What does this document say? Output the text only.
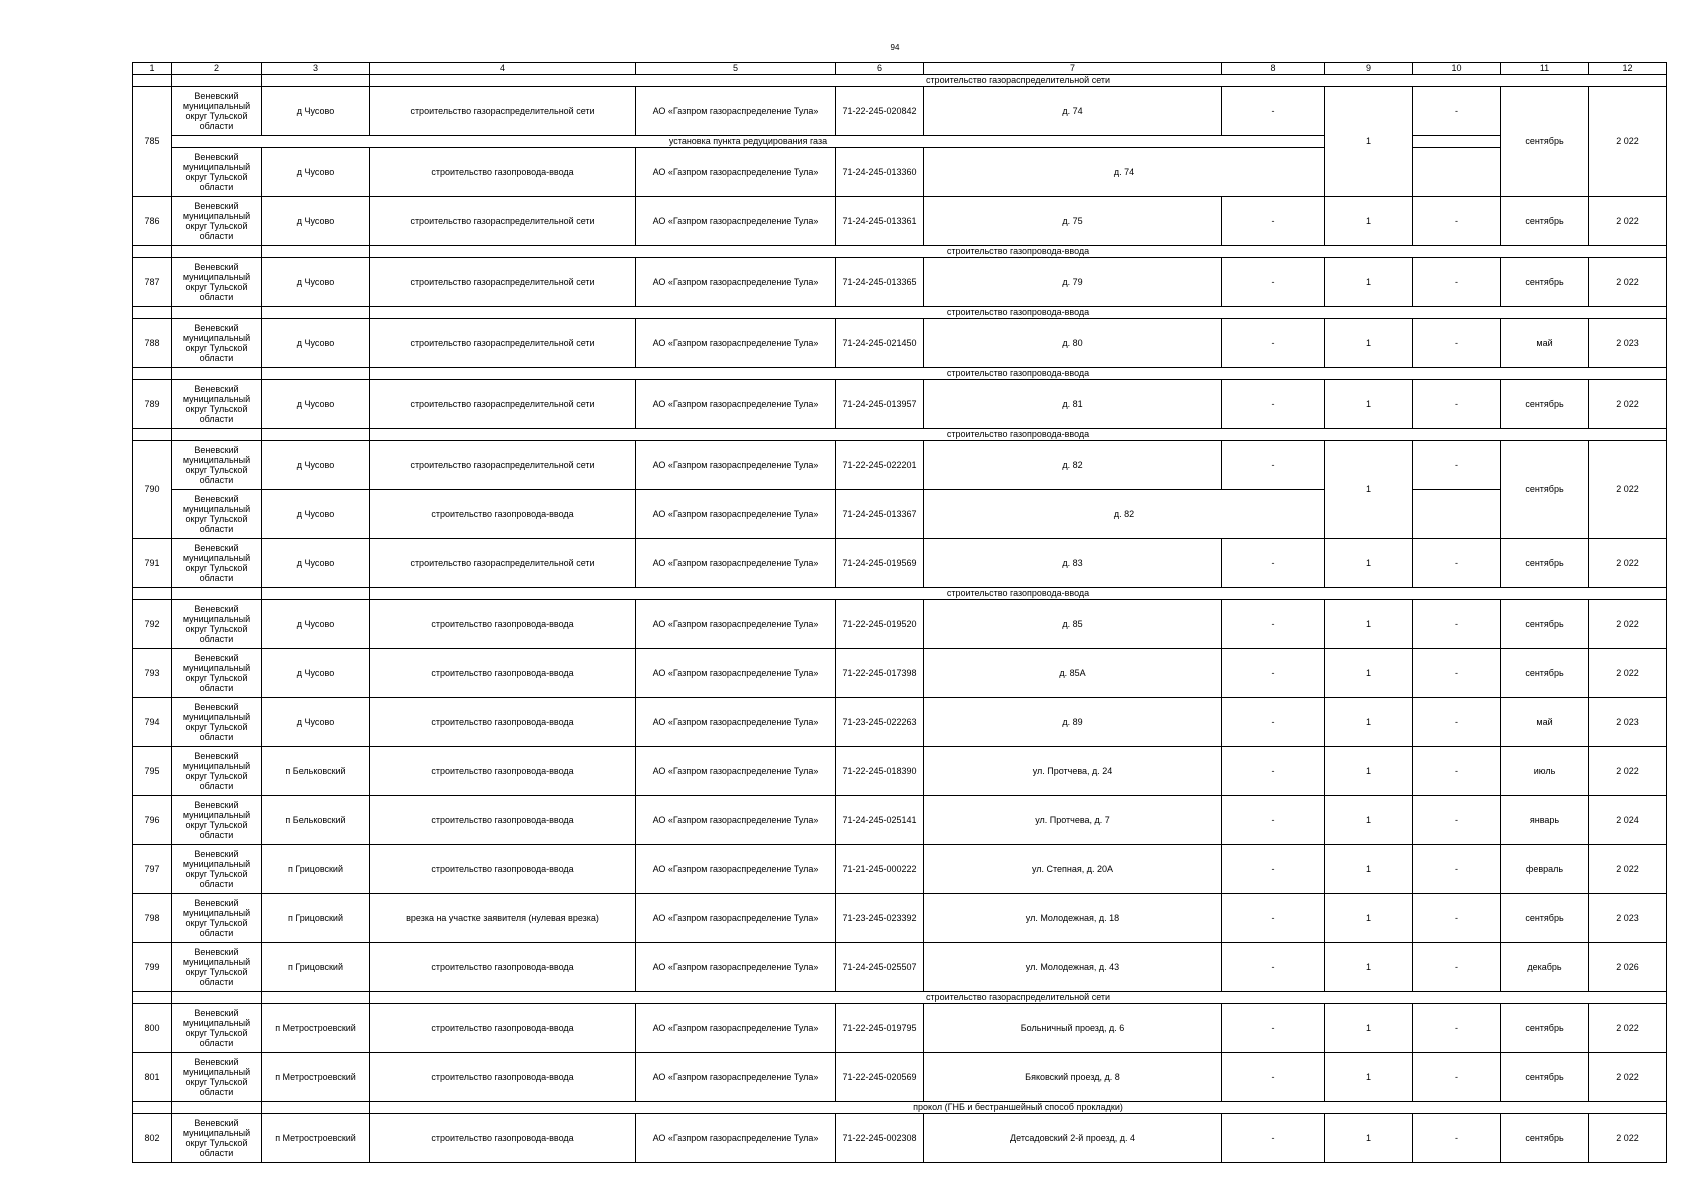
94
1	2	3	4	5	6	7	8	9	10	11	12
			строительство газораспределительной сети								
785	Веневский муниципальный округ Тульской области	д Чусово	строительство газораспределительной сети	АО «Газпром газораспределение Тула»	71-22-245-020842	д. 74	-	1	-	сентябрь	2 022
	установка пункта редуцирования газа										
	Веневский муниципальный округ Тульской области	д Чусово	строительство газопровода-ввода	АО «Газпром газораспределение Тула»	71-24-245-013360	д. 74					
786	Веневский муниципальный округ Тульской области	д Чусово	строительство газораспределительной сети	АО «Газпром газораспределение Тула»	71-24-245-013361	д. 75	-	1	-	сентябрь	2 022
			строительство газопровода-ввода								
787	Веневский муниципальный округ Тульской области	д Чусово	строительство газораспределительной сети	АО «Газпром газораспределение Тула»	71-24-245-013365	д. 79	-	1	-	сентябрь	2 022
			строительство газопровода-ввода								
788	Веневский муниципальный округ Тульской области	д Чусово	строительство газораспределительной сети	АО «Газпром газораспределение Тула»	71-24-245-021450	д. 80	-	1	-	май	2 023
			строительство газопровода-ввода								
789	Веневский муниципальный округ Тульской области	д Чусово	строительство газораспределительной сети	АО «Газпром газораспределение Тула»	71-24-245-013957	д. 81	-	1	-	сентябрь	2 022
			строительство газопровода-ввода								
790	Веневский муниципальный округ Тульской области	д Чусово	строительство газораспределительной сети	АО «Газпром газораспределение Тула»	71-22-245-022201	д. 82	-	1	-	сентябрь	2 022
	Веневский муниципальный округ Тульской области	д Чусово	строительство газопровода-ввода	АО «Газпром газораспределение Тула»	71-24-245-013367	д. 82					
791	Веневский муниципальный округ Тульской области	д Чусово	строительство газораспределительной сети	АО «Газпром газораспределение Тула»	71-24-245-019569	д. 83	-	1	-	сентябрь	2 022
			строительство газопровода-ввода								
792	Веневский муниципальный округ Тульской области	д Чусово	строительство газопровода-ввода	АО «Газпром газораспределение Тула»	71-22-245-019520	д. 85	-	1	-	сентябрь	2 022
793	Веневский муниципальный округ Тульской области	д Чусово	строительство газопровода-ввода	АО «Газпром газораспределение Тула»	71-22-245-017398	д. 85А	-	1	-	сентябрь	2 022
794	Веневский муниципальный округ Тульской области	д Чусово	строительство газопровода-ввода	АО «Газпром газораспределение Тула»	71-23-245-022263	д. 89	-	1	-	май	2 023
795	Веневский муниципальный округ Тульской области	п Бельковский	строительство газопровода-ввода	АО «Газпром газораспределение Тула»	71-22-245-018390	ул. Протчева, д. 24	-	1	-	июль	2 022
796	Веневский муниципальный округ Тульской области	п Бельковский	строительство газопровода-ввода	АО «Газпром газораспределение Тула»	71-24-245-025141	ул. Протчева, д. 7	-	1	-	январь	2 024
797	Веневский муниципальный округ Тульской области	п Грицовский	строительство газопровода-ввода	АО «Газпром газораспределение Тула»	71-21-245-000222	ул. Степная, д. 20А	-	1	-	февраль	2 022
798	Веневский муниципальный округ Тульской области	п Грицовский	врезка на участке заявителя (нулевая врезка)	АО «Газпром газораспределение Тула»	71-23-245-023392	ул. Молодежная, д. 18	-	1	-	сентябрь	2 023
799	Веневский муниципальный округ Тульской области	п Грицовский	строительство газопровода-ввода	АО «Газпром газораспределение Тула»	71-24-245-025507	ул. Молодежная, д. 43	-	1	-	декабрь	2 026
			строительство газораспределительной сети								
800	Веневский муниципальный округ Тульской области	п Метростроевский	строительство газопровода-ввода	АО «Газпром газораспределение Тула»	71-22-245-019795	Больничный проезд, д. 6	-	1	-	сентябрь	2 022
801	Веневский муниципальный округ Тульской области	п Метростроевский	строительство газопровода-ввода	АО «Газпром газораспределение Тула»	71-22-245-020569	Бяковский проезд, д. 8	-	1	-	сентябрь	2 022
			прокол (ГНБ и бестраншейный способ прокладки)								
802	Веневский муниципальный округ Тульской области	п Метростроевский	строительство газопровода-ввода	АО «Газпром газораспределение Тула»	71-22-245-002308	Детсадовский 2-й проезд, д. 4	-	1	-	сентябрь	2 022
